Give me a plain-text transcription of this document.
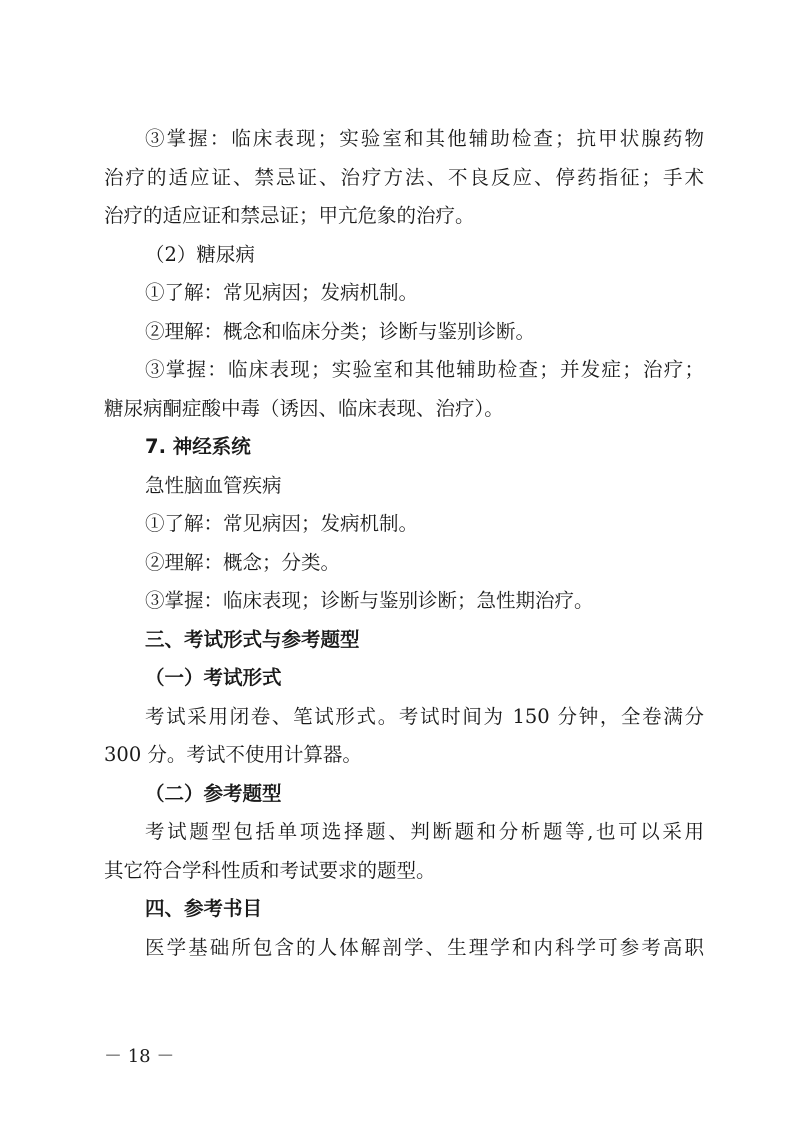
③掌握：临床表现；实验室和其他辅助检查；抗甲状腺药物
治疗的适应证、禁忌证、治疗方法、不良反应、停药指征；手术
治疗的适应证和禁忌证；甲亢危象的治疗。
（2）糖尿病
①了解：常见病因；发病机制。
②理解：概念和临床分类；诊断与鉴别诊断。
③掌握：临床表现；实验室和其他辅助检查；并发症；治疗；
糖尿病酮症酸中毒（诱因、临床表现、治疗）。
7. 神经系统
急性脑血管疾病
①了解：常见病因；发病机制。
②理解：概念；分类。
③掌握：临床表现；诊断与鉴别诊断；急性期治疗。
三、考试形式与参考题型
（一）考试形式
考试采用闭卷、笔试形式。考试时间为 150 分钟，全卷满分
300 分。考试不使用计算器。
（二）参考题型
考试题型包括单项选择题、判断题和分析题等,也可以采用
其它符合学科性质和考试要求的题型。
四、参考书目
医学基础所包含的人体解剖学、生理学和内科学可参考高职
－ 18 －
